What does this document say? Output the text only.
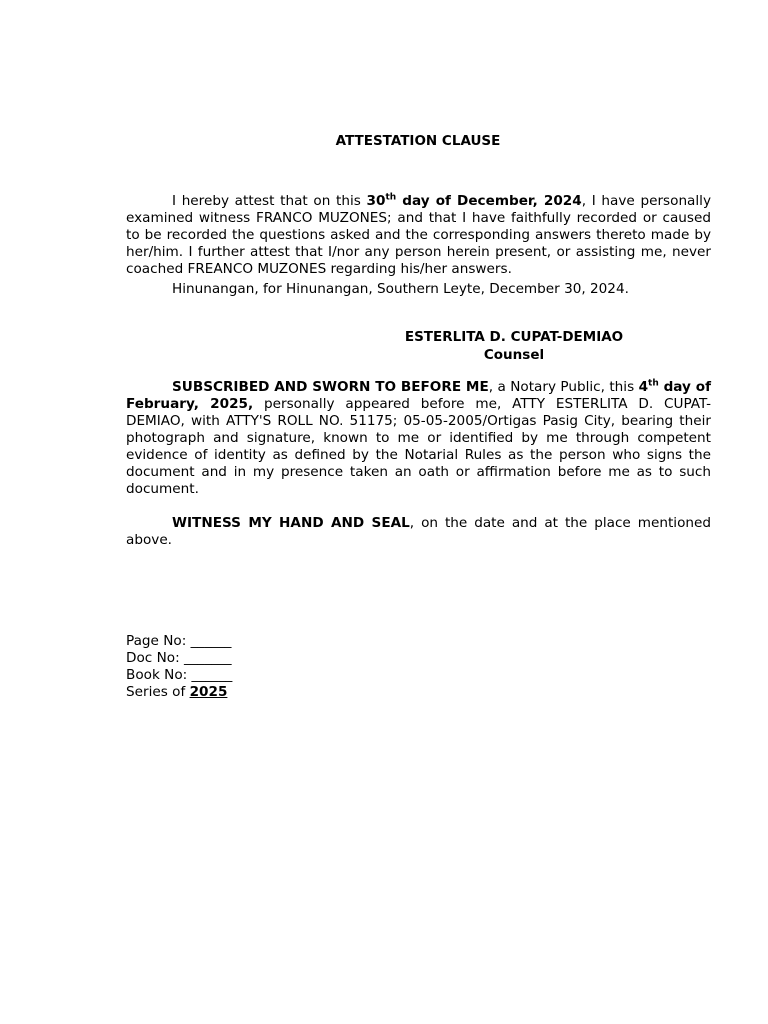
ATTESTATION CLAUSE
I hereby attest that on this 30th day of December, 2024, I have personally examined witness FRANCO MUZONES; and that I have faithfully recorded or caused to be recorded the questions asked and the corresponding answers thereto made by her/him. I further attest that I/nor any person herein present, or assisting me, never coached FREANCO MUZONES regarding his/her answers.
Hinunangan, for Hinunangan, Southern Leyte, December 30, 2024.
ESTERLITA D. CUPAT-DEMIAO
Counsel
SUBSCRIBED AND SWORN TO BEFORE ME, a Notary Public, this 4th day of February, 2025, personally appeared before me, ATTY ESTERLITA D. CUPAT-DEMIAO, with ATTY'S ROLL NO. 51175; 05-05-2005/Ortigas Pasig City, bearing their photograph and signature, known to me or identified by me through competent evidence of identity as defined by the Notarial Rules as the person who signs the document and in my presence taken an oath or affirmation before me as to such document.
WITNESS MY HAND AND SEAL, on the date and at the place mentioned above.
Page No: ______
Doc No: _______
Book No: ______
Series of 2025
